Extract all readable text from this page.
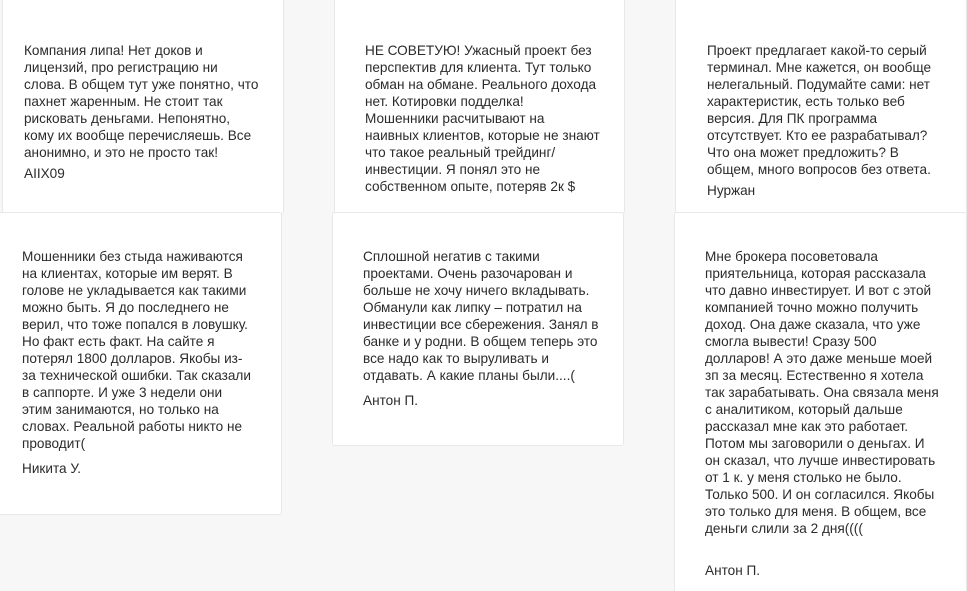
Компания липа! Нет доков и лицензий, про регистрацию ни слова. В общем тут уже понятно, что пахнет жаренным. Не стоит так рисковать деньгами. Непонятно, кому их вообще перечисляешь. Все анонимно, и это не просто так!
AIIX09
НЕ СОВЕТУЮ! Ужасный проект без перспектив для клиента. Тут только обман на обмане. Реального дохода нет. Котировки подделка! Мошенники расчитывают на наивных клиентов, которые не знают что такое реальный трейдинг/инвестиции. Я понял это не собственном опыте, потеряв 2к $
Проект предлагает какой-то серый терминал. Мне кажется, он вообще нелегальный. Подумайте сами: нет характеристик, есть только веб версия. Для ПК программа отсутствует. Кто ее разрабатывал? Что она может предложить? В общем, много вопросов без ответа.
Нуржан
Мошенники без стыда наживаются на клиентах, которые им верят. В голове не укладывается как такими можно быть. Я до последнего не верил, что тоже попался в ловушку. Но факт есть факт. На сайте я потерял 1800 долларов. Якобы из-за технической ошибки. Так сказали в саппорте. И уже 3 недели они этим занимаются, но только на словах. Реальной работы никто не проводит(
Никита У.
Сплошной негатив с такими проектами. Очень разочарован и больше не хочу ничего вкладывать. Обманули как липку – потратил на инвестиции все сбережения. Занял в банке и у родни. В общем теперь это все надо как то выруливать и отдавать. А какие планы были....(
Антон П.
Мне брокера посоветовала приятельница, которая рассказала что давно инвестирует. И вот с этой компанией точно можно получить доход. Она даже сказала, что уже смогла вывести! Сразу 500 долларов! А это даже меньше моей зп за месяц. Естественно я хотела так зарабатывать. Она связала меня с аналитиком, который дальше рассказал мне как это работает. Потом мы заговорили о деньгах. И он сказал, что лучше инвестировать от 1 к. у меня столько не было. Только 500. И он согласился. Якобы это только для меня. В общем, все деньги слили за 2 дня((((
Антон П.
